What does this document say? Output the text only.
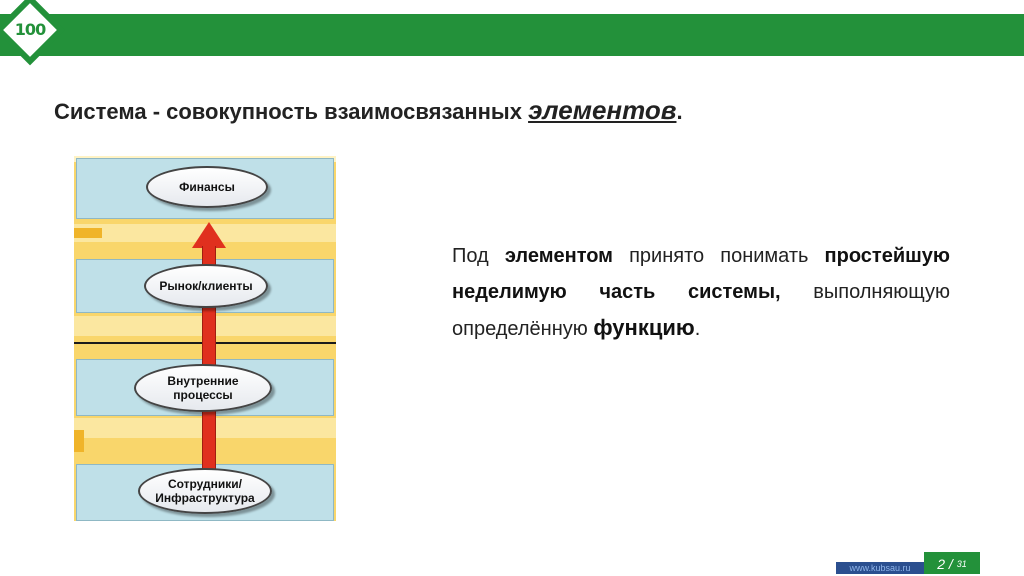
100
Система - совокупность взаимосвязанных элементов.
Финансы
Рынок/клиенты
Внутренние
процессы
Сотрудники/
Инфраструктура
Под элементом принято понимать простейшую неделимую часть системы, выполняющую определённую функцию.
www.kubsau.ru	2 / $^{31}$
